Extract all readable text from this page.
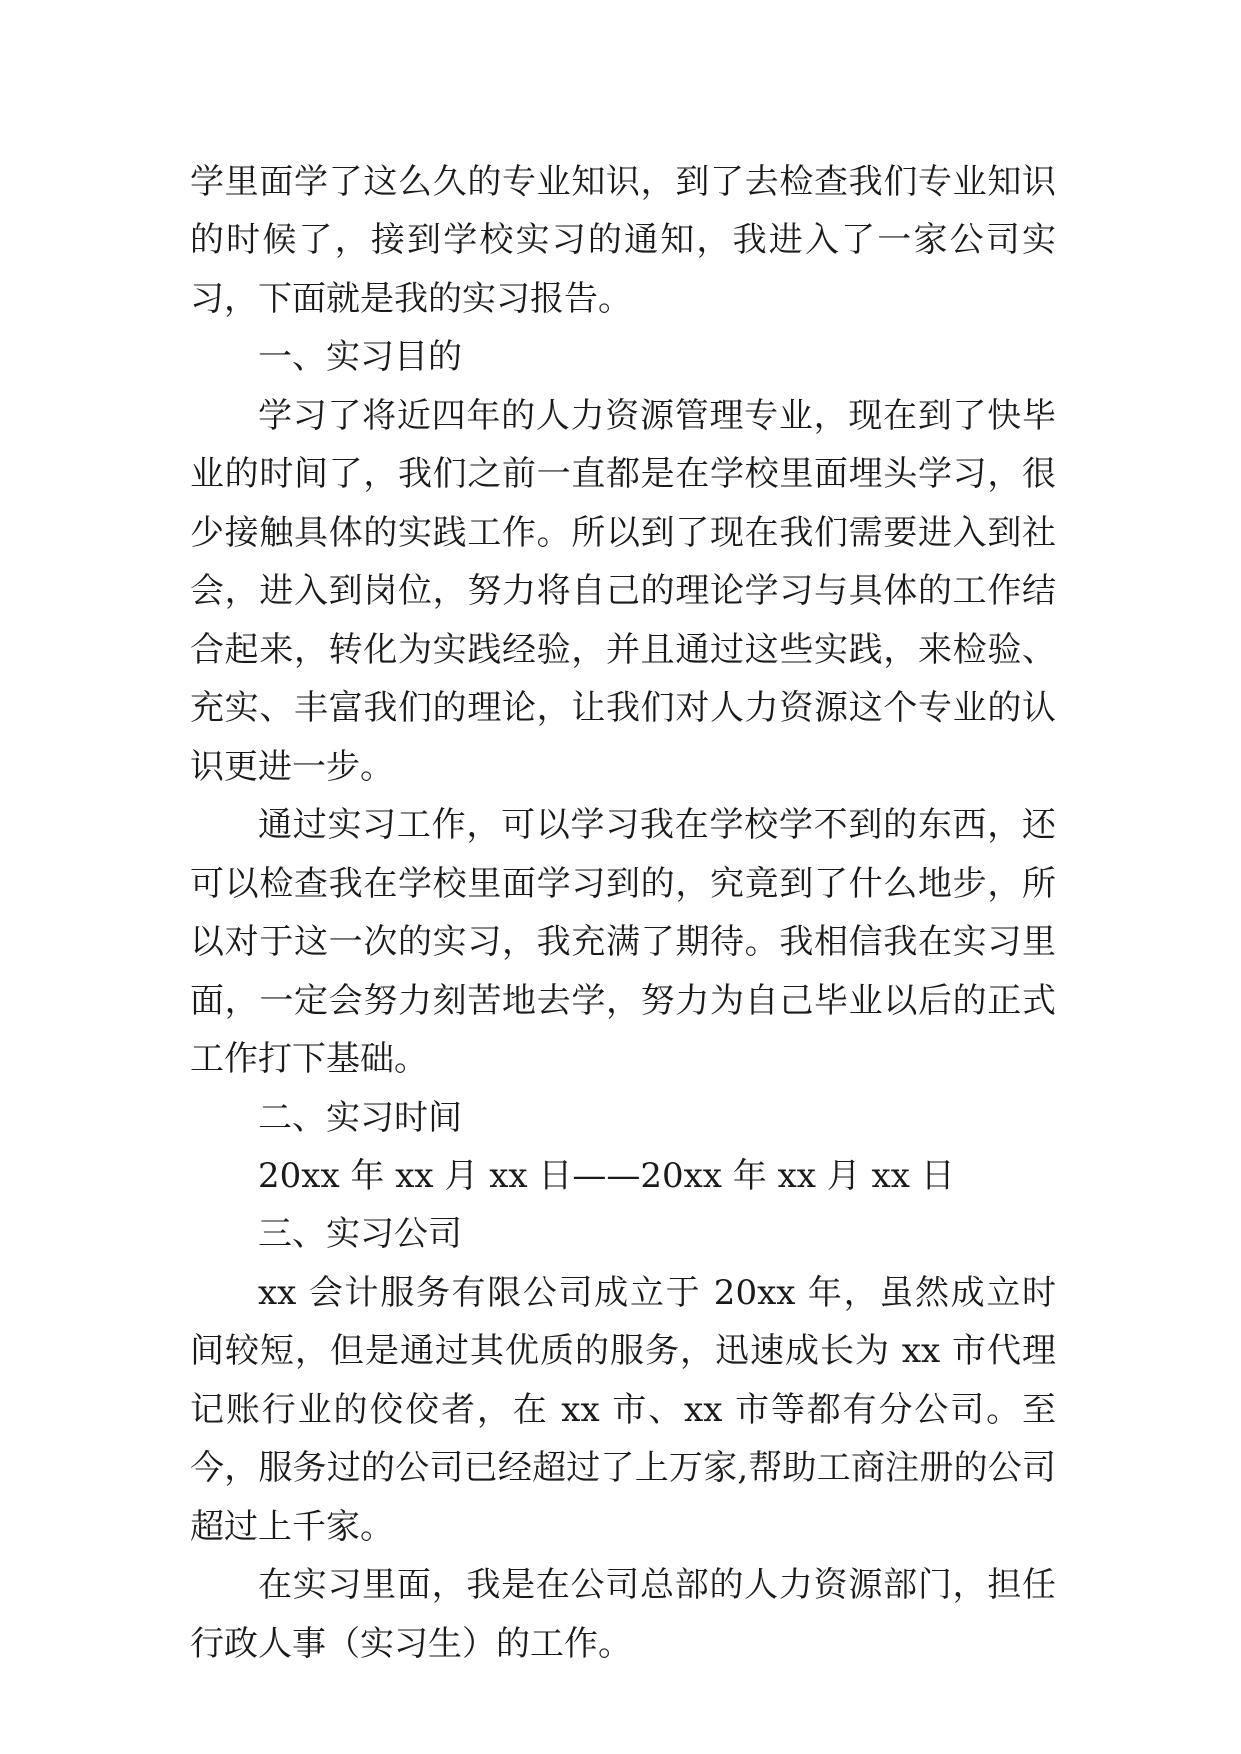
学里面学了这么久的专业知识，到了去检查我们专业知识的时候了，接到学校实习的通知，我进入了一家公司实习，下面就是我的实习报告。

一、实习目的

学习了将近四年的人力资源管理专业，现在到了快毕业的时间了，我们之前一直都是在学校里面埋头学习，很少接触具体的实践工作。所以到了现在我们需要进入到社会，进入到岗位，努力将自己的理论学习与具体的工作结合起来，转化为实践经验，并且通过这些实践，来检验、充实、丰富我们的理论，让我们对人力资源这个专业的认识更进一步。

通过实习工作，可以学习我在学校学不到的东西，还可以检查我在学校里面学习到的，究竟到了什么地步，所以对于这一次的实习，我充满了期待。我相信我在实习里面，一定会努力刻苦地去学，努力为自己毕业以后的正式工作打下基础。

二、实习时间

20xx 年 xx 月 xx 日——20xx 年 xx 月 xx 日

三、实习公司

xx 会计服务有限公司成立于 20xx 年，虽然成立时间较短，但是通过其优质的服务，迅速成长为 xx 市代理记账行业的佼佼者，在 xx 市、xx 市等都有分公司。至今，服务过的公司已经超过了上万家,帮助工商注册的公司超过上千家。

在实习里面，我是在公司总部的人力资源部门，担任行政人事（实习生）的工作。
